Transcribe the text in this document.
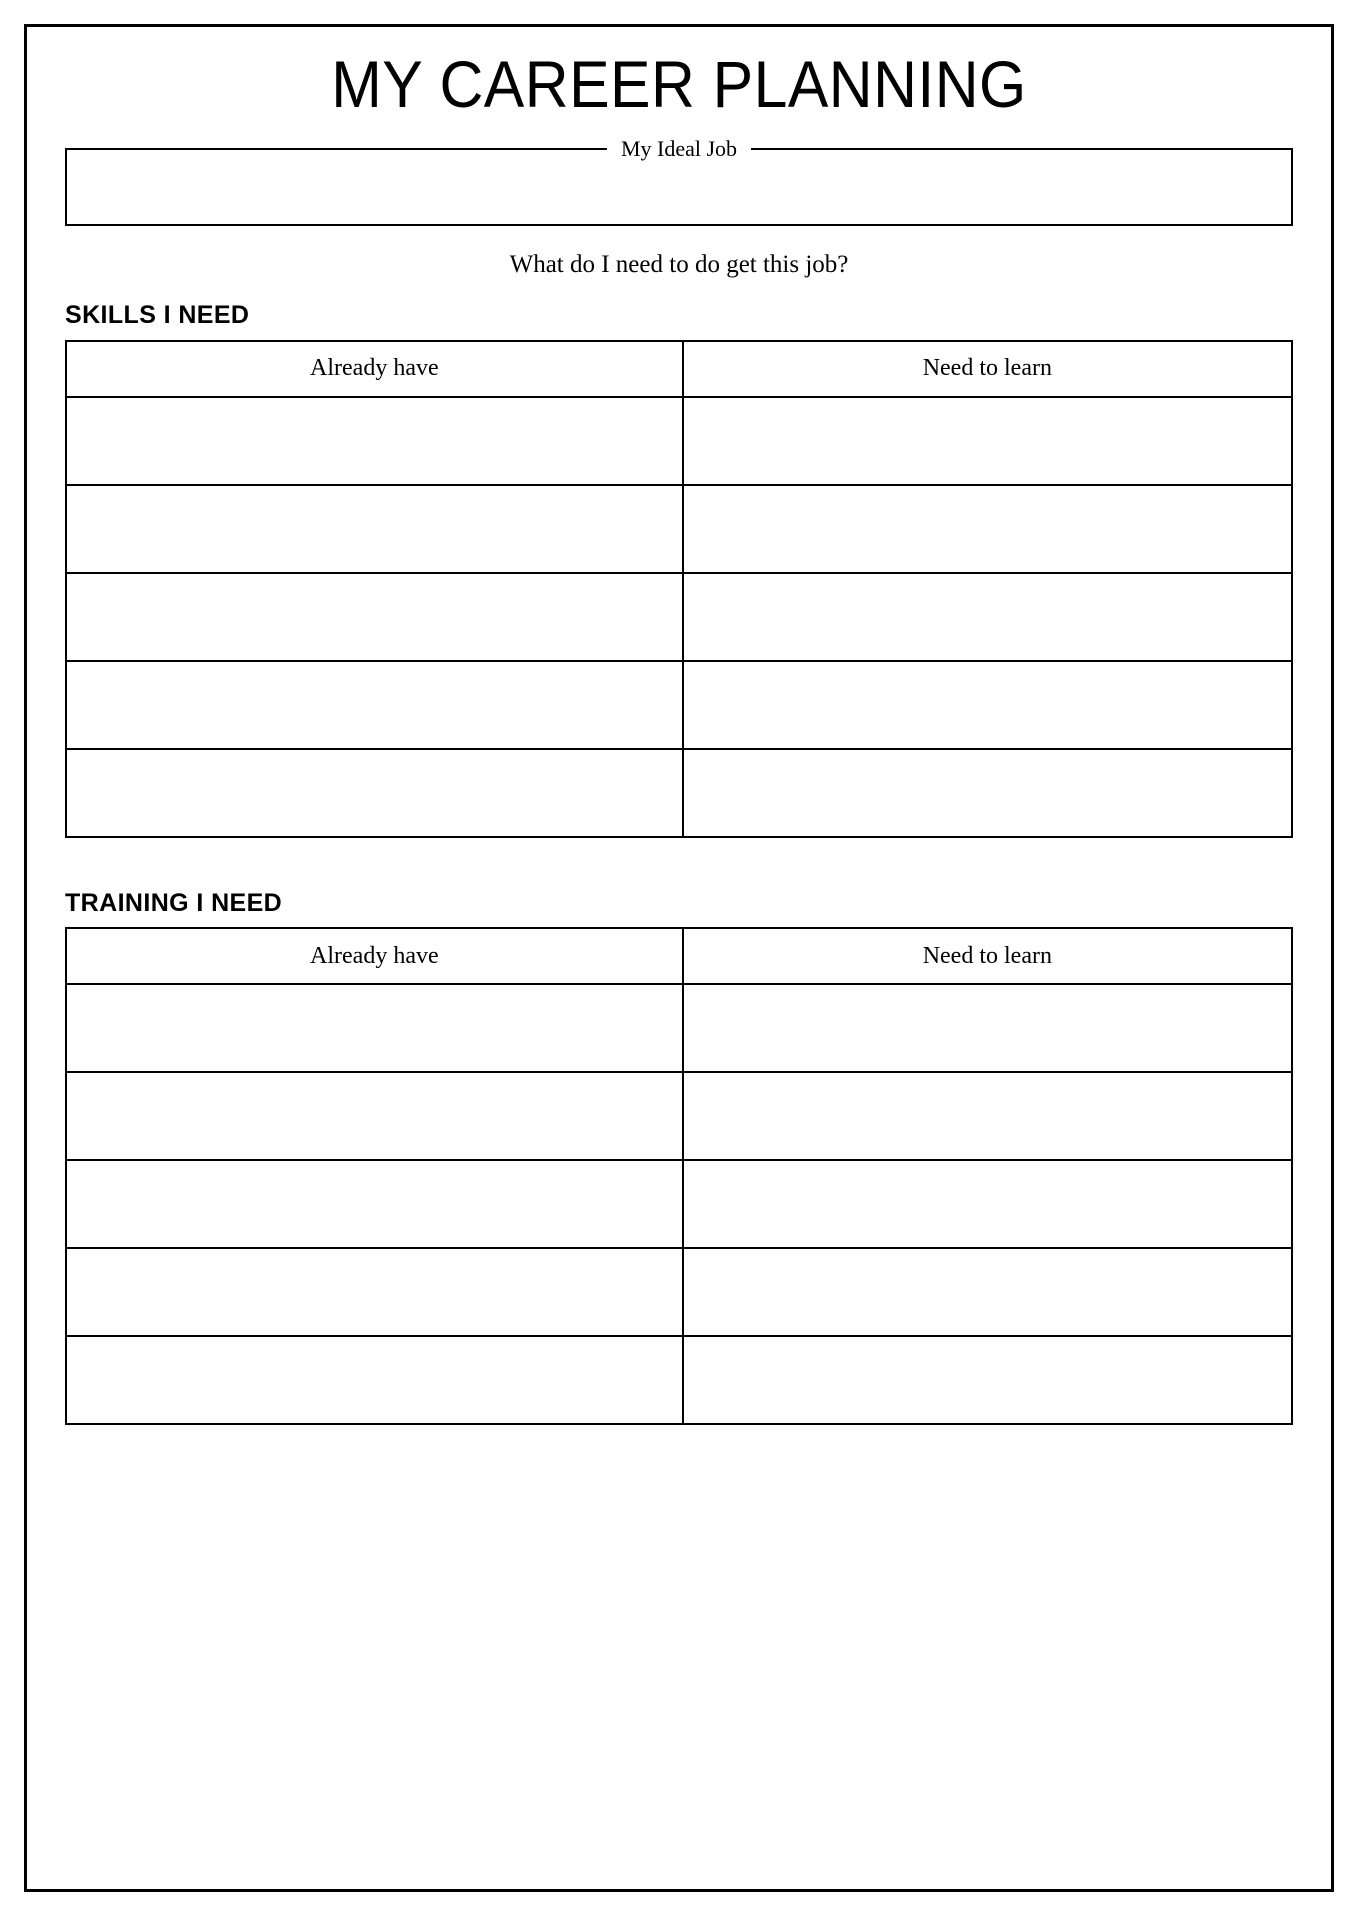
MY CAREER PLANNING
My Ideal Job

What do I need to do get this job?

SKILLS I NEED
Already have	Need to learn

TRAINING I NEED
Already have	Need to learn
